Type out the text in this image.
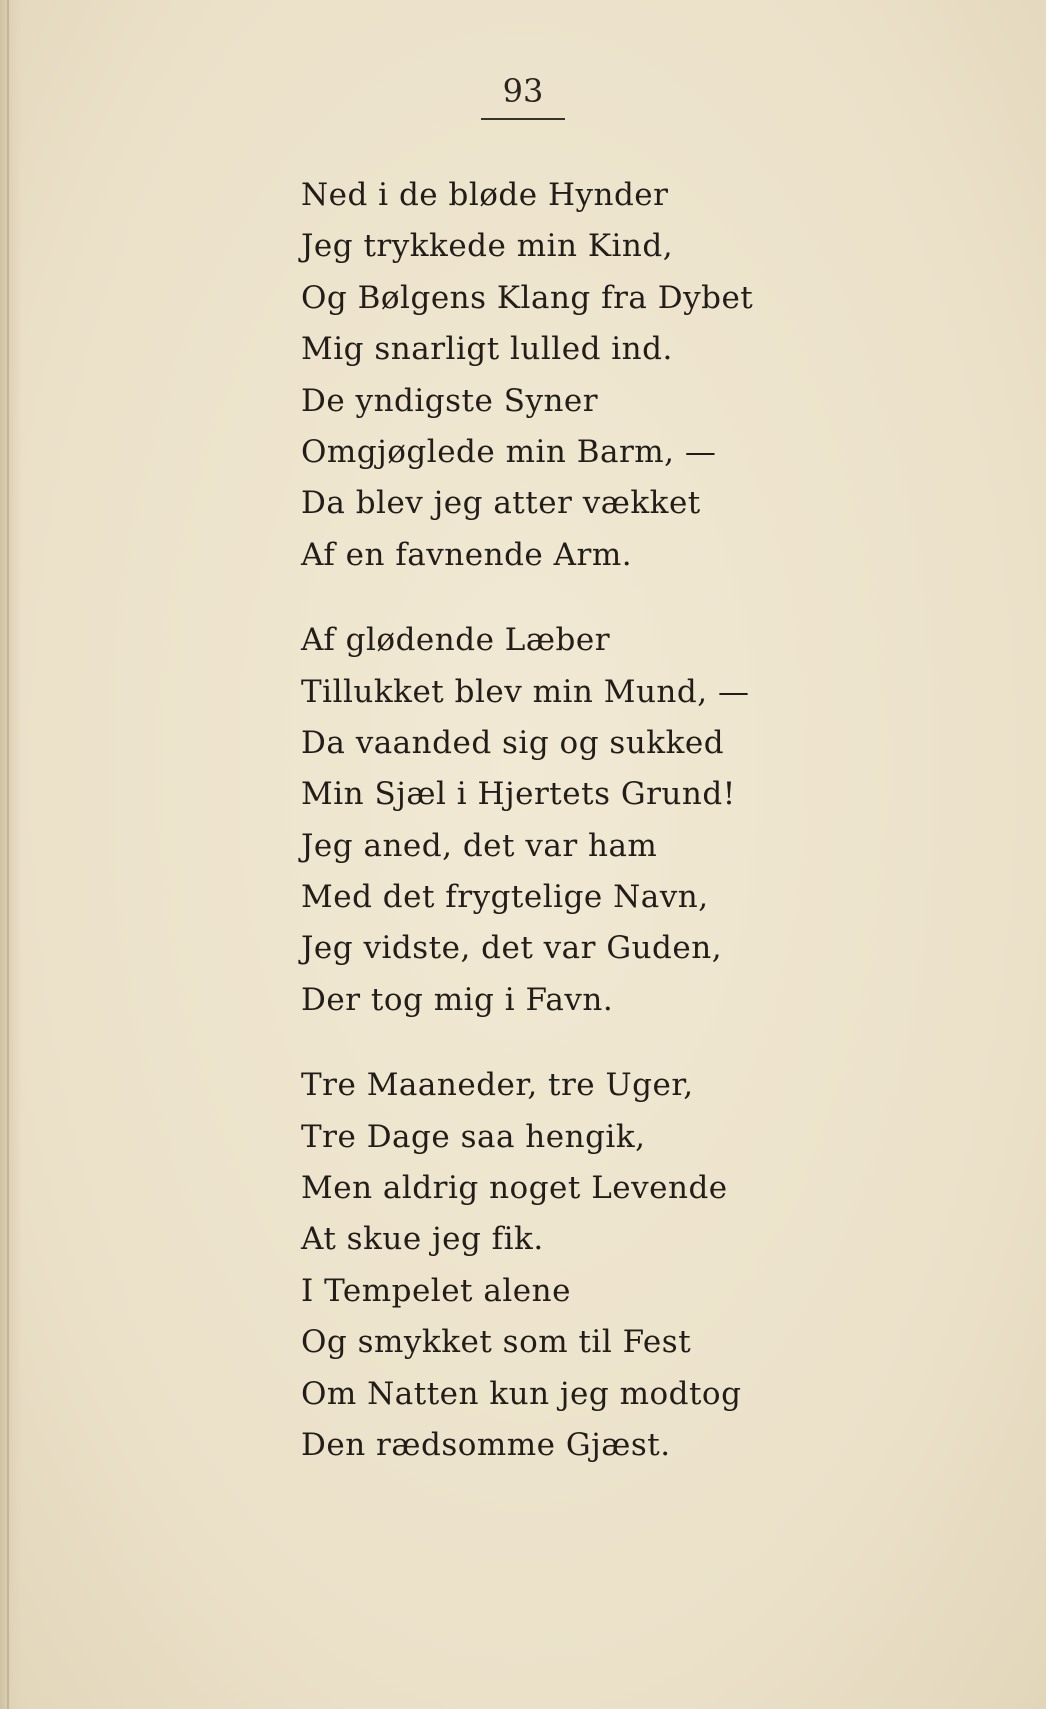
93
Ned i de bløde Hynder
Jeg trykkede min Kind,
Og Bølgens Klang fra Dybet
Mig snarligt lulled ind.
De yndigste Syner
Omgjøglede min Barm, —
Da blev jeg atter vækket
Af en favnende Arm.
Af glødende Læber
Tillukket blev min Mund, —
Da vaanded sig og sukked
Min Sjæl i Hjertets Grund!
Jeg aned, det var ham
Med det frygtelige Navn,
Jeg vidste, det var Guden,
Der tog mig i Favn.
Tre Maaneder, tre Uger,
Tre Dage saa hengik,
Men aldrig noget Levende
At skue jeg fik.
I Tempelet alene
Og smykket som til Fest
Om Natten kun jeg modtog
Den rædsomme Gjæst.
